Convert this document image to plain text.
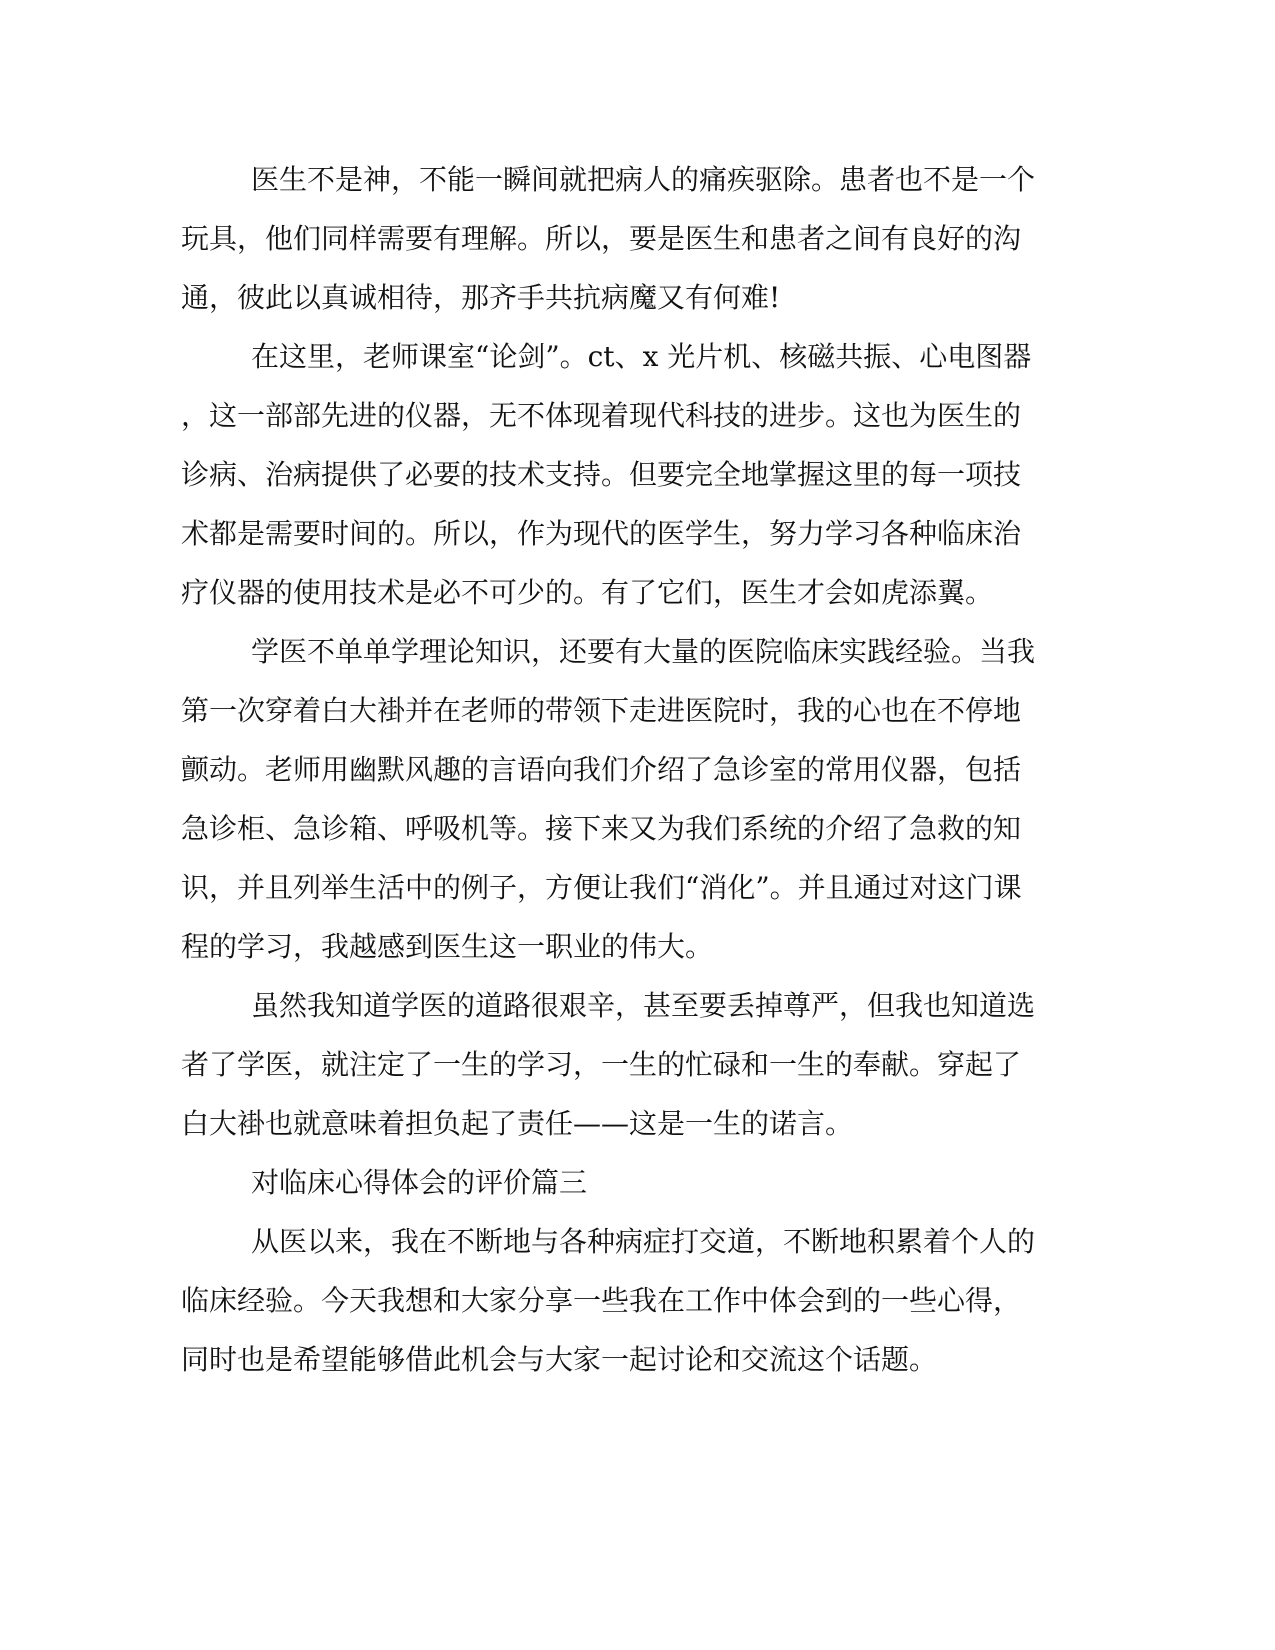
医生不是神，不能一瞬间就把病人的痛疾驱除。患者也不是一个
玩具，他们同样需要有理解。所以，要是医生和患者之间有良好的沟
通，彼此以真诚相待，那齐手共抗病魔又有何难!
在这里，老师课室“论剑”。ct、x 光片机、核磁共振、心电图器
，这一部部先进的仪器，无不体现着现代科技的进步。这也为医生的
诊病、治病提供了必要的技术支持。但要完全地掌握这里的每一项技
术都是需要时间的。所以，作为现代的医学生，努力学习各种临床治
疗仪器的使用技术是必不可少的。有了它们，医生才会如虎添翼。
学医不单单学理论知识，还要有大量的医院临床实践经验。当我
第一次穿着白大褂并在老师的带领下走进医院时，我的心也在不停地
颤动。老师用幽默风趣的言语向我们介绍了急诊室的常用仪器，包括
急诊柜、急诊箱、呼吸机等。接下来又为我们系统的介绍了急救的知
识，并且列举生活中的例子，方便让我们“消化”。并且通过对这门课
程的学习，我越感到医生这一职业的伟大。
虽然我知道学医的道路很艰辛，甚至要丢掉尊严，但我也知道选
者了学医，就注定了一生的学习，一生的忙碌和一生的奉献。穿起了
白大褂也就意味着担负起了责任——这是一生的诺言。
对临床心得体会的评价篇三
从医以来，我在不断地与各种病症打交道，不断地积累着个人的
临床经验。今天我想和大家分享一些我在工作中体会到的一些心得，
同时也是希望能够借此机会与大家一起讨论和交流这个话题。
